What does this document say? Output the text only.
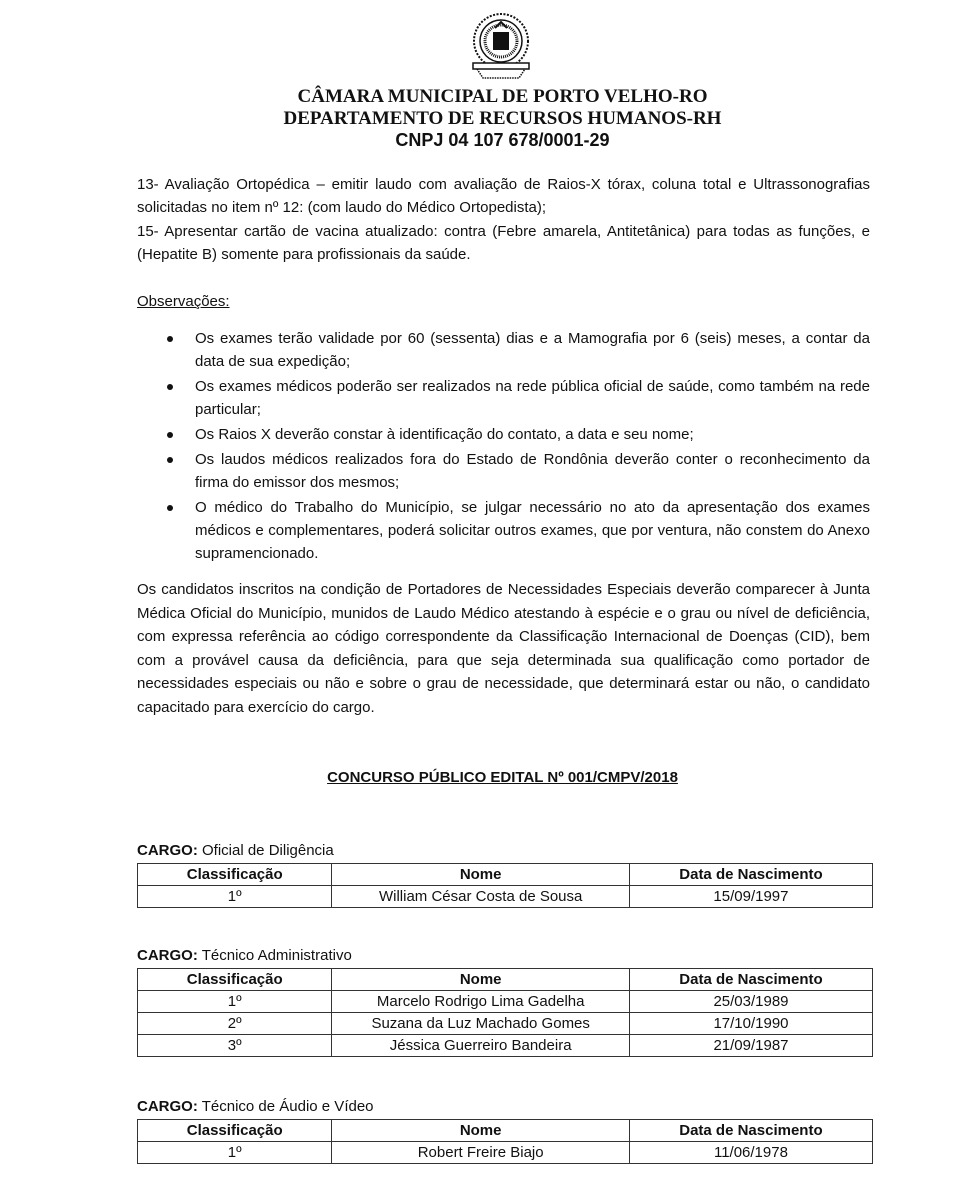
CÂMARA MUNICIPAL DE PORTO VELHO-RO
DEPARTAMENTO DE RECURSOS HUMANOS-RH
CNPJ 04 107 678/0001-29
13- Avaliação Ortopédica – emitir laudo com avaliação de Raios-X tórax, coluna total e Ultrassonografias solicitadas no item nº 12: (com laudo do Médico Ortopedista);
15- Apresentar cartão de vacina atualizado: contra (Febre amarela, Antitetânica) para todas as funções, e (Hepatite B) somente para profissionais da saúde.
Observações:
Os exames terão validade por 60 (sessenta) dias e a Mamografia por 6 (seis) meses, a contar da data de sua expedição;
Os exames médicos poderão ser realizados na rede pública oficial de saúde, como também na rede particular;
Os Raios X deverão constar à identificação do contato, a data e seu nome;
Os laudos médicos realizados fora do Estado de Rondônia deverão conter o reconhecimento da firma do emissor dos mesmos;
O médico do Trabalho do Município, se julgar necessário no ato da apresentação dos exames médicos e complementares, poderá solicitar outros exames, que por ventura, não constem do Anexo supramencionado.
Os candidatos inscritos na condição de Portadores de Necessidades Especiais deverão comparecer à Junta Médica Oficial do Município, munidos de Laudo Médico atestando à espécie e o grau ou nível de deficiência, com expressa referência ao código correspondente da Classificação Internacional de Doenças (CID), bem com a provável causa da deficiência, para que seja determinada sua qualificação como portador de necessidades especiais ou não e sobre o grau de necessidade, que determinará estar ou não, o candidato capacitado para exercício do cargo.
CONCURSO PÚBLICO EDITAL Nº 001/CMPV/2018
CARGO: Oficial de Diligência
Classificação	Nome	Data de Nascimento
1º	William César Costa de Sousa	15/09/1997
CARGO: Técnico Administrativo
Classificação	Nome	Data de Nascimento
1º	Marcelo Rodrigo Lima Gadelha	25/03/1989
2º	Suzana da Luz Machado Gomes	17/10/1990
3º	Jéssica Guerreiro Bandeira	21/09/1987
CARGO: Técnico de Áudio e Vídeo
Classificação	Nome	Data de Nascimento
1º	Robert Freire Biajo	11/06/1978
